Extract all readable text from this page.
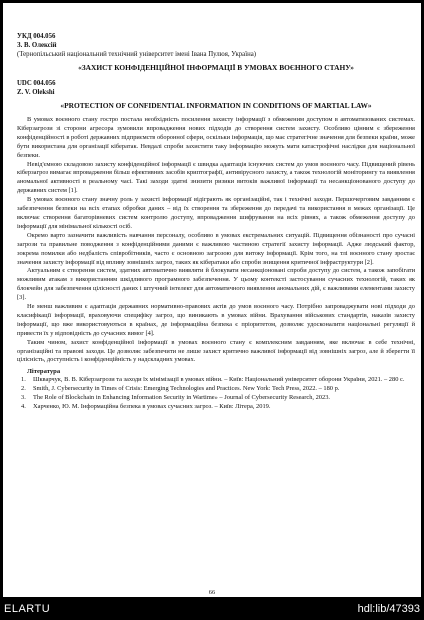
УКД 004.056
З. В. Олексій
(Тернопільський національний технічний університет імені Івана Пулюя, Україна)
«ЗАХИСТ КОНФІДЕНЦІЙНОЇ ІНФОРМАЦІЇ В УМОВАХ ВОЄННОГО СТАНУ»
UDC 004.056
Z. V. Olekshi
«PROTECTION OF CONFIDENTIAL INFORMATION IN CONDITIONS OF MARTIAL LAW»

В умовах воєнного стану гостро постала необхідність посилення захисту інформації з обмеженим доступом в автоматизованих системах. Кіберзагрози зі сторони агресора зумовили впровадження нових підходів до створення систем захисту. Особливо цінним є збереження конфіденційності в роботі державних підприємств оборонної сфери, оскільки інформація, що має стратегічне значення для безпеки країни, може бути використана для організації кібератак. Невдалі спроби захистити таку інформацію можуть мати катастрофічні наслідки для національної безпеки.

Невід'ємною складовою захисту конфіденційної інформації є швидка адаптація існуючих систем до умов воєнного часу. Підвищений рівень кіберзагроз вимагає впровадження більш ефективних засобів криптографії, антивірусного захисту, а також технологій моніторингу та виявлення аномальної активності в реальному часі. Такі заходи здатні знизити ризики витоків важливої інформації та несанкціонованого доступу до державних систем [1].

В умовах воєнного стану значну роль у захисті інформації відіграють як організаційні, так і технічні заходи. Першочерговим завданням є забезпечення безпеки на всіх етапах обробки даних – від їх створення та збереження до передачі та використання в межах організації. Це включає створення багаторівневих систем контролю доступу, впровадження шифрування на всіх рівнях, а також обмеження доступу до інформації для мінімальної кількості осіб.

Окремо варто зазначити важливість навчання персоналу, особливо в умовах екстремальних ситуацій. Підвищення обізнаності про сучасні загрози та правильне поводження з конфіденційними даними є важливою частиною стратегії захисту інформації. Адже людський фактор, зокрема помилки або недбалість співробітників, часто є основною загрозою для витоку інформації. Крім того, на тлі воєнного стану зростає значення захисту інформації від впливу зовнішніх загроз, таких як кібератаки або спроби знищення критичної інфраструктури [2].

Актуальним є створення систем, здатних автоматично виявляти й блокувати несанкціоновані спроби доступу до систем, а також запобігати можливим атакам з використанням шкідливого програмного забезпечення. У цьому контексті застосування сучасних технологій, таких як блокчейн для забезпечення цілісності даних і штучний інтелект для автоматичного виявлення аномальних дій, є важливими елементами захисту [3].

Не менш важливим є адаптація державних нормативно-правових актів до умов воєнного часу. Потрібно запроваджувати нові підходи до класифікації інформації, враховуючи специфіку загроз, що виникають в умовах війни. Врахування військових стандартів, наказів захисту інформації, що вже використовуються в країнах, де інформаційна безпека є пріоритетом, дозволяє удосконалити національні регуляції й привести їх у відповідність до сучасних вимог [4].

Таким чином, захист конфіденційної інформації в умовах воєнного стану є комплексним завданням, яке включає в себе технічні, організаційні та правові заходи. Це дозволяє забезпечити не лише захист критично важливої інформації від зовнішніх загроз, але й зберегти її цілісність, доступність і конфіденційність у надскладних умовах.

Література
1.	Шкварчук, В. В. Кіберзагрози та заходи їх мінімізації в умовах війни. – Київ: Національний університет оборони України, 2021. – 280 с.
2.	Smith, J. Cybersecurity in Times of Crisis: Emerging Technologies and Practices. New York: Tech Press, 2022. – 180 p.
3.	The Role of Blockchain in Enhancing Information Security in Wartime» – Journal of Cybersecurity Research, 2023.
4.	Харченко, Ю. М. Інформаційна безпека в умовах сучасних загроз. – Київ: Літера, 2019.
66
ELARTU	hdl:lib/47393
